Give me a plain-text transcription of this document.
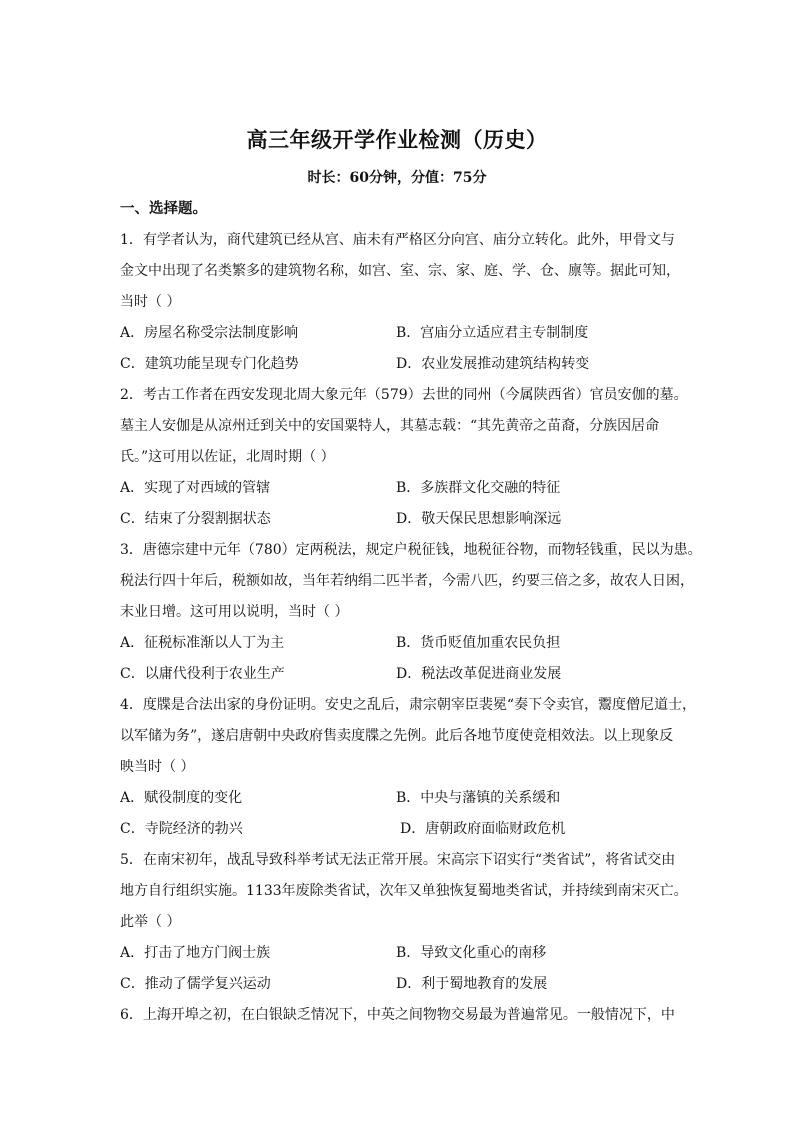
高三年级开学作业检测（历史）
时长：60分钟，分值：75分
一、选择题。
1．有学者认为，商代建筑已经从宫、庙未有严格区分向宫、庙分立转化。此外，甲骨文与
金文中出现了名类繁多的建筑物名称，如宫、室、宗、家、庭、学、仓、廪等。据此可知，
当时（ ）
A．房屋名称受宗法制度影响	B．宫庙分立适应君主专制制度
C．建筑功能呈现专门化趋势	D．农业发展推动建筑结构转变
2．考古工作者在西安发现北周大象元年（579）去世的同州（今属陕西省）官员安伽的墓。
墓主人安伽是从凉州迁到关中的安国粟特人，其墓志载：“其先黄帝之苗裔，分族因居命
氏。”这可用以佐证，北周时期（ ）
A．实现了对西域的管辖	B．多族群文化交融的特征
C．结束了分裂割据状态	D．敬天保民思想影响深远
3．唐德宗建中元年（780）定两税法，规定户税征钱，地税征谷物，而物轻钱重，民以为患。
税法行四十年后，税额如故，当年若纳绢二匹半者，今需八匹，约要三倍之多，故农人日困，
末业日增。这可用以说明，当时（ ）
A．征税标准渐以人丁为主	B．货币贬值加重农民负担
C．以庸代役利于农业生产	D．税法改革促进商业发展
4．度牒是合法出家的身份证明。安史之乱后，肃宗朝宰臣裴冕“奏下令卖官，鬻度僧尼道士，
以军储为务”，遂启唐朝中央政府售卖度牒之先例。此后各地节度使竞相效法。以上现象反
映当时（ ）
A．赋役制度的变化	B．中央与藩镇的关系缓和
C．寺院经济的勃兴	D．唐朝政府面临财政危机
5．在南宋初年，战乱导致科举考试无法正常开展。宋高宗下诏实行“类省试”，将省试交由
地方自行组织实施。1133年废除类省试，次年又单独恢复蜀地类省试，并持续到南宋灭亡。
此举（ ）
A．打击了地方门阀士族	B．导致文化重心的南移
C．推动了儒学复兴运动	D．利于蜀地教育的发展
6．上海开埠之初，在白银缺乏情况下，中英之间物物交易最为普遍常见。一般情况下，中
